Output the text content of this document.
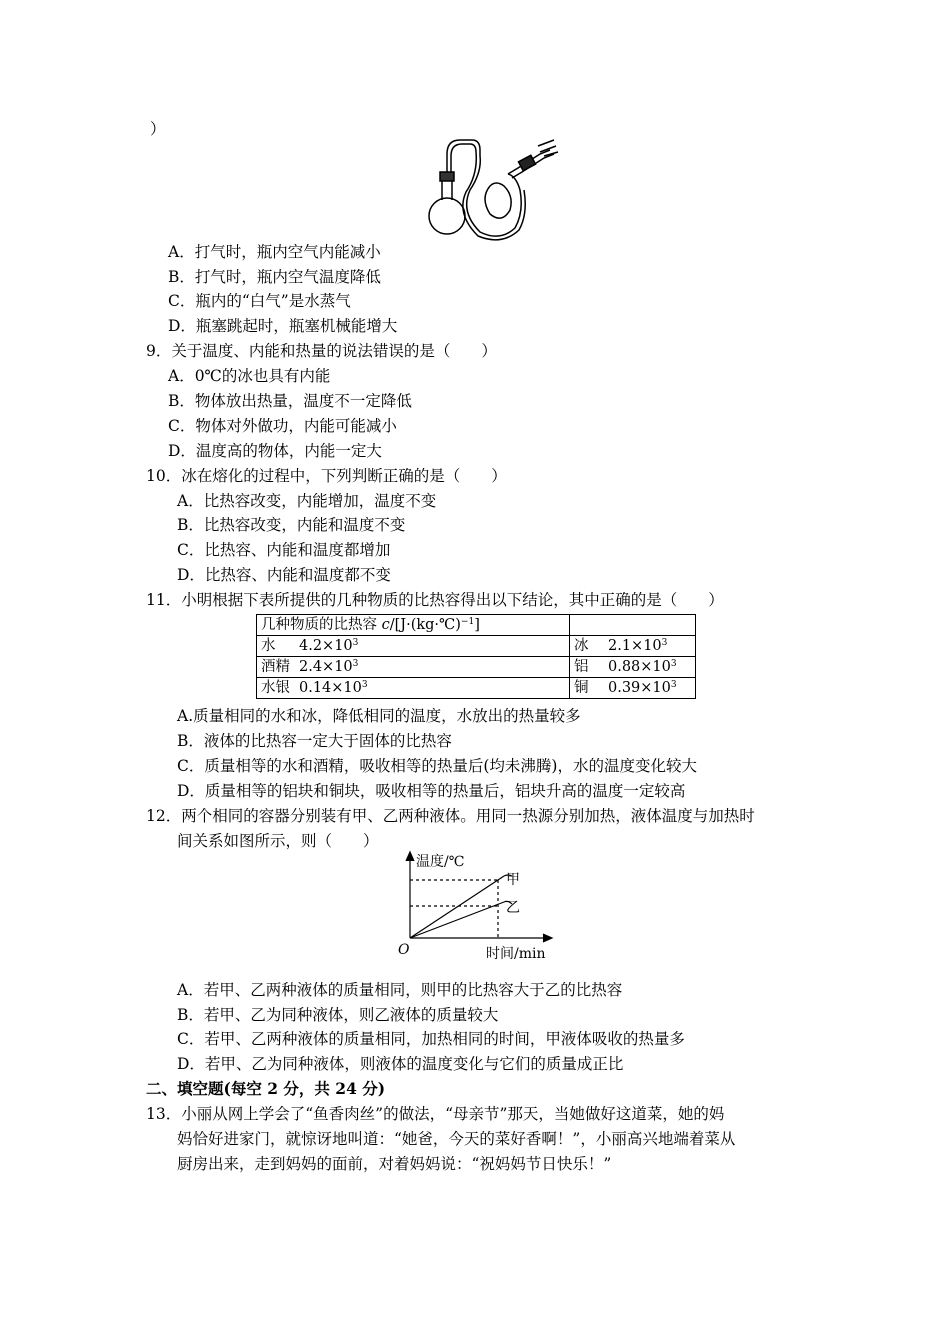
）
A．打气时，瓶内空气内能减小
B．打气时，瓶内空气温度降低
C．瓶内的“白气”是水蒸气
D．瓶塞跳起时，瓶塞机械能增大
9．关于温度、内能和热量的说法错误的是（　　）
A．0℃的冰也具有内能
B．物体放出热量，温度不一定降低
C．物体对外做功，内能可能减小
D．温度高的物体，内能一定大
10．冰在熔化的过程中，下列判断正确的是（　　）
A．比热容改变，内能增加，温度不变
B．比热容改变，内能和温度不变
C．比热容、内能和温度都增加
D．比热容、内能和温度都不变
11．小明根据下表所提供的几种物质的比热容得出以下结论，其中正确的是（　　）
几种物质的比热容 c/[J·(kg·℃)$^{-1}$]	
水 $4.2\times 10^3$	冰 $2.1\times 10^3$
酒精 $2.4\times 10^3$	铝 $0.88\times 10^3$
水银 $0.14\times 10^3$	铜 $0.39\times 10^3$
A.质量相同的水和冰，降低相同的温度，水放出的热量较多
B．液体的比热容一定大于固体的比热容
C．质量相等的水和酒精，吸收相等的热量后(均未沸腾)，水的温度变化较大
D．质量相等的铝块和铜块，吸收相等的热量后，铝块升高的温度一定较高
12．两个相同的容器分别装有甲、乙两种液体。用同一热源分别加热，液体温度与加热时
间关系如图所示，则（　　）
温度/℃
时间/min
O
甲
乙
A．若甲、乙两种液体的质量相同，则甲的比热容大于乙的比热容
B．若甲、乙为同种液体，则乙液体的质量较大
C．若甲、乙两种液体的质量相同，加热相同的时间，甲液体吸收的热量多
D．若甲、乙为同种液体，则液体的温度变化与它们的质量成正比
二、填空题(每空 2 分，共 24 分)
13．小丽从网上学会了“鱼香肉丝”的做法，“母亲节”那天，当她做好这道菜，她的妈
妈恰好进家门，就惊讶地叫道：“她爸，今天的菜好香啊！”，小丽高兴地端着菜从
厨房出来，走到妈妈的面前，对着妈妈说：“祝妈妈节日快乐！”
